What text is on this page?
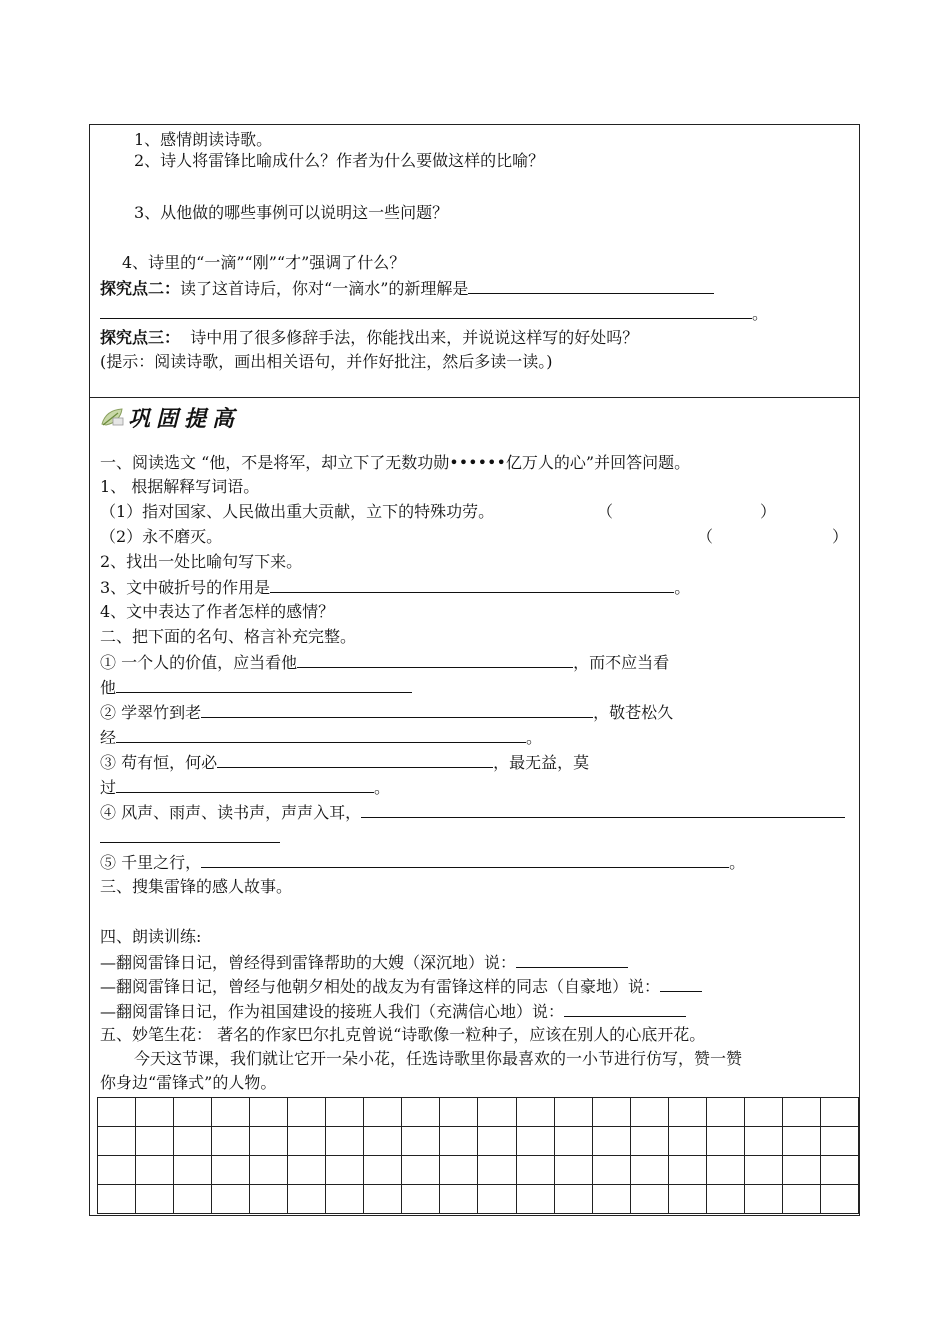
1、感情朗读诗歌。
2、诗人将雷锋比喻成什么？作者为什么要做这样的比喻？
3、从他做的哪些事例可以说明这一些问题？
4、诗里的“一滴”“刚”“才”强调了什么？
探究点二：读了这首诗后，你对“一滴水”的新理解是
。
探究点三： 诗中用了很多修辞手法，你能找出来，并说说这样写的好处吗？
(提示：阅读诗歌，画出相关语句，并作好批注，然后多读一读。)
巩固提高
一、阅读选文 “他，不是将军，却立下了无数功勋••••••亿万人的心”并回答问题。
1、 根据解释写词语。
（1）指对国家、人民做出重大贡献，立下的特殊功劳。	（	）
（2）永不磨灭。	（	）
2、找出一处比喻句写下来。
3、文中破折号的作用是	。
4、文中表达了作者怎样的感情？
二、把下面的名句、格言补充完整。
① 一个人的价值，应当看他	，而不应当看
他
② 学翠竹到老	，敬苍松久
经	。
③ 苟有恒，何必	，最无益，莫
过	。
④ 风声、雨声、读书声，声声入耳，
⑤ 千里之行，	。
三、搜集雷锋的感人故事。
四、朗读训练:
—翻阅雷锋日记，曾经得到雷锋帮助的大嫂（深沉地）说：
—翻阅雷锋日记，曾经与他朝夕相处的战友为有雷锋这样的同志（自豪地）说：
—翻阅雷锋日记，作为祖国建设的接班人我们（充满信心地）说：
五、妙笔生花： 著名的作家巴尔扎克曾说“诗歌像一粒种子，应该在别人的心底开花。
今天这节课，我们就让它开一朵小花，任选诗歌里你最喜欢的一小节进行仿写，赞一赞
你身边“雷锋式”的人物。
